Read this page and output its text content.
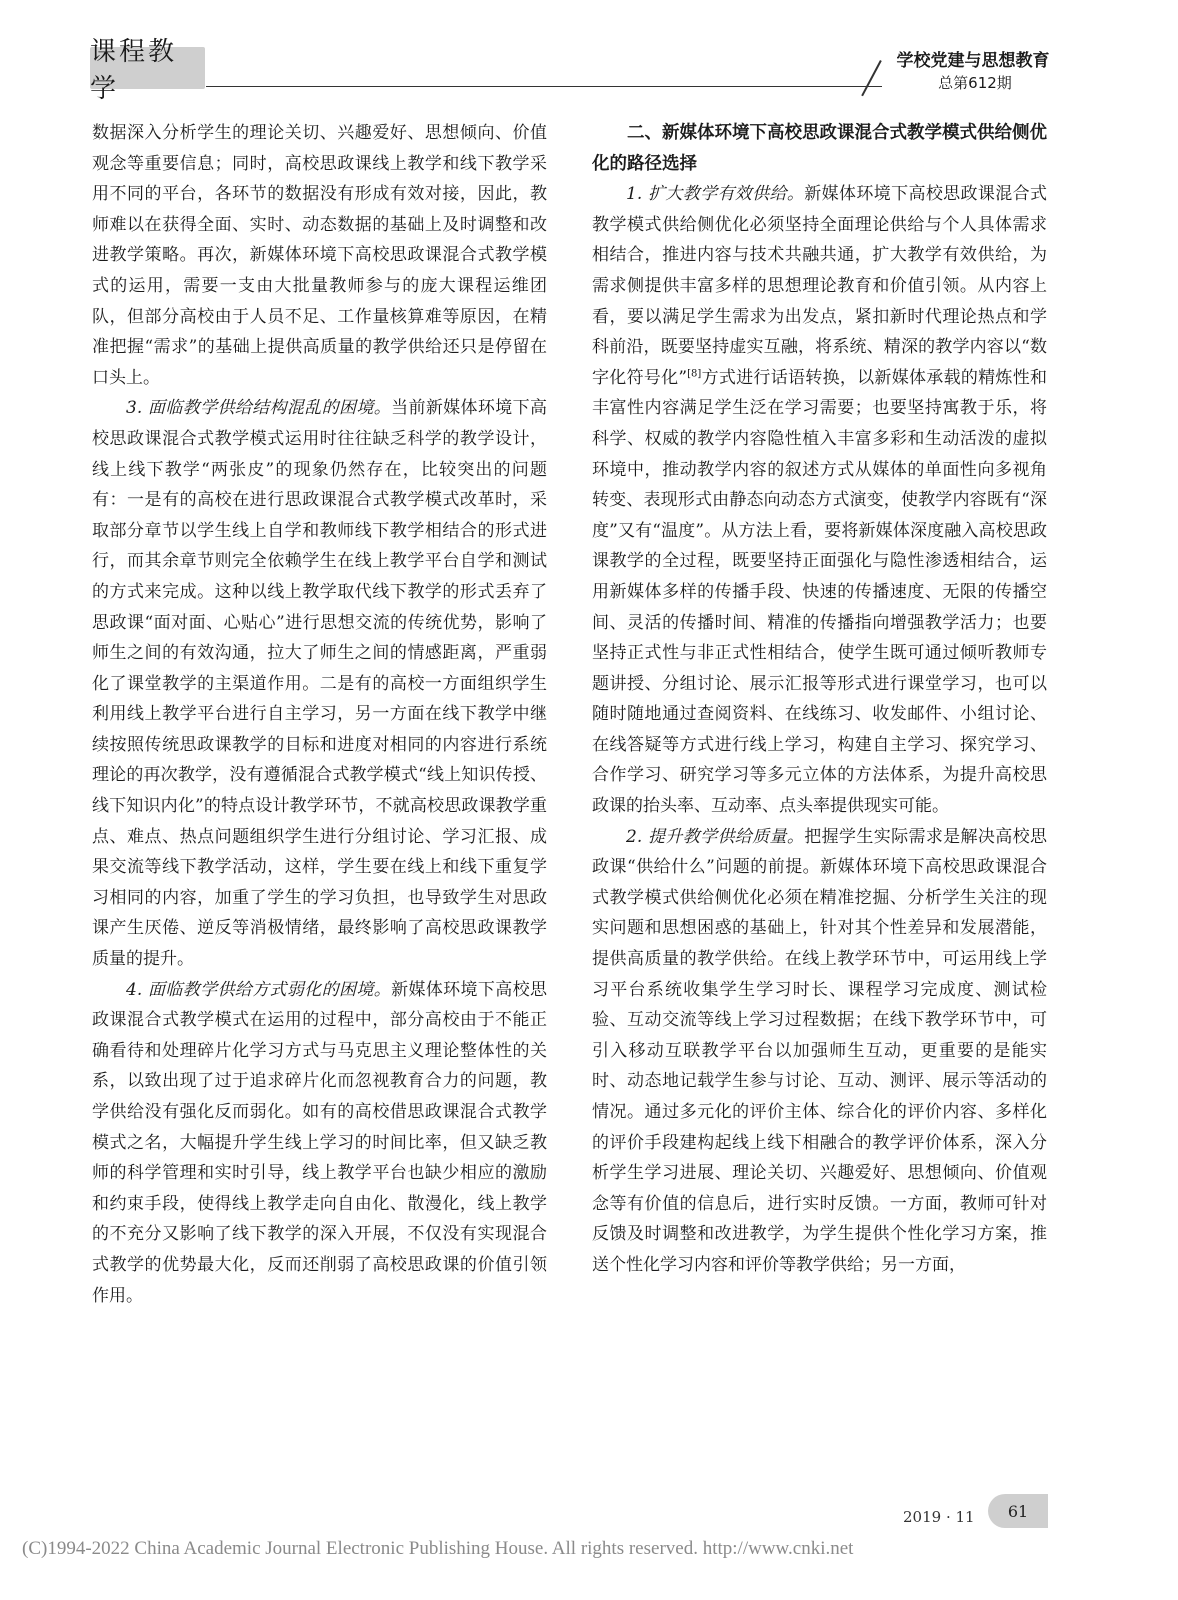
课程教学
学校党建与思想教育
总第612期

数据深入分析学生的理论关切、兴趣爱好、思想倾向、价值观念等重要信息；同时，高校思政课线上教学和线下教学采用不同的平台，各环节的数据没有形成有效对接，因此，教师难以在获得全面、实时、动态数据的基础上及时调整和改进教学策略。再次，新媒体环境下高校思政课混合式教学模式的运用，需要一支由大批量教师参与的庞大课程运维团队，但部分高校由于人员不足、工作量核算难等原因，在精准把握“需求”的基础上提供高质量的教学供给还只是停留在口头上。

3. 面临教学供给结构混乱的困境。当前新媒体环境下高校思政课混合式教学模式运用时往往缺乏科学的教学设计，线上线下教学“两张皮”的现象仍然存在，比较突出的问题有：一是有的高校在进行思政课混合式教学模式改革时，采取部分章节以学生线上自学和教师线下教学相结合的形式进行，而其余章节则完全依赖学生在线上教学平台自学和测试的方式来完成。这种以线上教学取代线下教学的形式丢弃了思政课“面对面、心贴心”进行思想交流的传统优势，影响了师生之间的有效沟通，拉大了师生之间的情感距离，严重弱化了课堂教学的主渠道作用。二是有的高校一方面组织学生利用线上教学平台进行自主学习，另一方面在线下教学中继续按照传统思政课教学的目标和进度对相同的内容进行系统理论的再次教学，没有遵循混合式教学模式“线上知识传授、线下知识内化”的特点设计教学环节，不就高校思政课教学重点、难点、热点问题组织学生进行分组讨论、学习汇报、成果交流等线下教学活动，这样，学生要在线上和线下重复学习相同的内容，加重了学生的学习负担，也导致学生对思政课产生厌倦、逆反等消极情绪，最终影响了高校思政课教学质量的提升。

4. 面临教学供给方式弱化的困境。新媒体环境下高校思政课混合式教学模式在运用的过程中，部分高校由于不能正确看待和处理碎片化学习方式与马克思主义理论整体性的关系，以致出现了过于追求碎片化而忽视教育合力的问题，教学供给没有强化反而弱化。如有的高校借思政课混合式教学模式之名，大幅提升学生线上学习的时间比率，但又缺乏教师的科学管理和实时引导，线上教学平台也缺少相应的激励和约束手段，使得线上教学走向自由化、散漫化，线上教学的不充分又影响了线下教学的深入开展，不仅没有实现混合式教学的优势最大化，反而还削弱了高校思政课的价值引领作用。

二、新媒体环境下高校思政课混合式教学模式供给侧优化的路径选择

1. 扩大教学有效供给。新媒体环境下高校思政课混合式教学模式供给侧优化必须坚持全面理论供给与个人具体需求相结合，推进内容与技术共融共通，扩大教学有效供给，为需求侧提供丰富多样的思想理论教育和价值引领。从内容上看，要以满足学生需求为出发点，紧扣新时代理论热点和学科前沿，既要坚持虚实互融，将系统、精深的教学内容以“数字化符号化”[8]方式进行话语转换，以新媒体承载的精炼性和丰富性内容满足学生泛在学习需要；也要坚持寓教于乐，将科学、权威的教学内容隐性植入丰富多彩和生动活泼的虚拟环境中，推动教学内容的叙述方式从媒体的单面性向多视角转变、表现形式由静态向动态方式演变，使教学内容既有“深度”又有“温度”。从方法上看，要将新媒体深度融入高校思政课教学的全过程，既要坚持正面强化与隐性渗透相结合，运用新媒体多样的传播手段、快速的传播速度、无限的传播空间、灵活的传播时间、精准的传播指向增强教学活力；也要坚持正式性与非正式性相结合，使学生既可通过倾听教师专题讲授、分组讨论、展示汇报等形式进行课堂学习，也可以随时随地通过查阅资料、在线练习、收发邮件、小组讨论、在线答疑等方式进行线上学习，构建自主学习、探究学习、合作学习、研究学习等多元立体的方法体系，为提升高校思政课的抬头率、互动率、点头率提供现实可能。

2. 提升教学供给质量。把握学生实际需求是解决高校思政课“供给什么”问题的前提。新媒体环境下高校思政课混合式教学模式供给侧优化必须在精准挖掘、分析学生关注的现实问题和思想困惑的基础上，针对其个性差异和发展潜能，提供高质量的教学供给。在线上教学环节中，可运用线上学习平台系统收集学生学习时长、课程学习完成度、测试检验、互动交流等线上学习过程数据；在线下教学环节中，可引入移动互联教学平台以加强师生互动，更重要的是能实时、动态地记载学生参与讨论、互动、测评、展示等活动的情况。通过多元化的评价主体、综合化的评价内容、多样化的评价手段建构起线上线下相融合的教学评价体系，深入分析学生学习进展、理论关切、兴趣爱好、思想倾向、价值观念等有价值的信息后，进行实时反馈。一方面，教师可针对反馈及时调整和改进教学，为学生提供个性化学习方案，推送个性化学习内容和评价等教学供给；另一方面，

2019 · 11	61
(C)1994-2022 China Academic Journal Electronic Publishing House. All rights reserved. http://www.cnki.net
